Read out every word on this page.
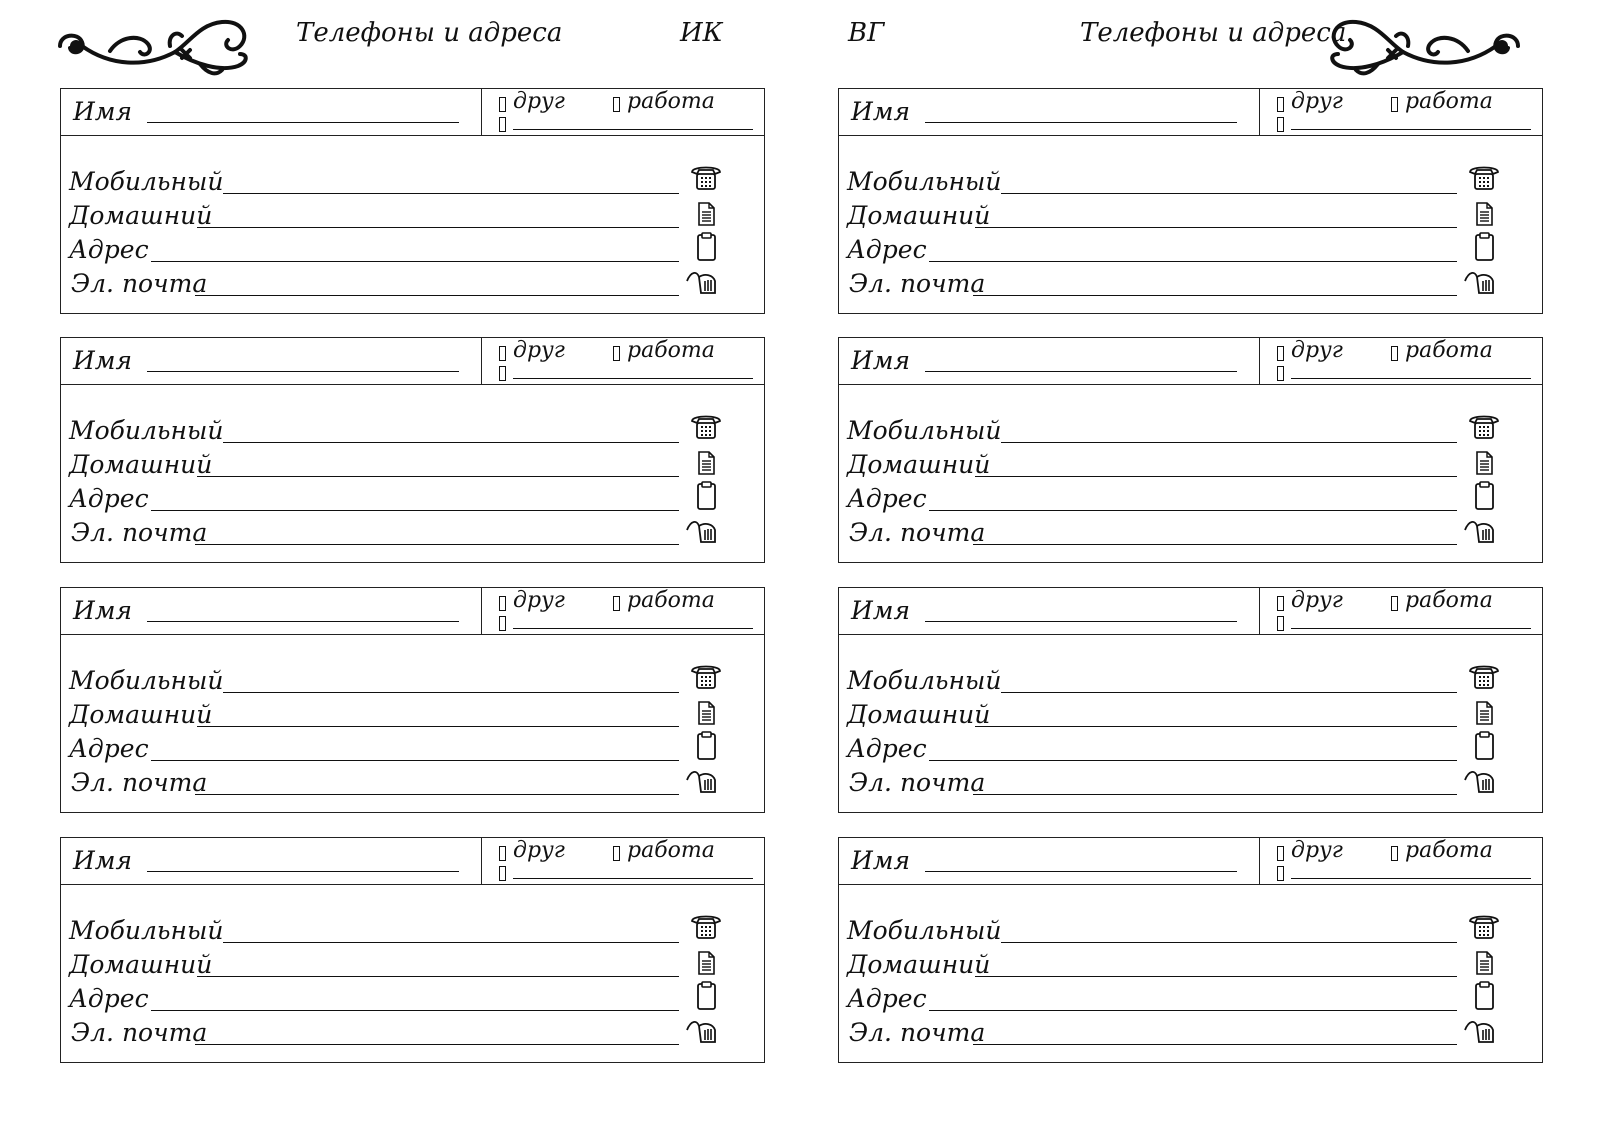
Телефоны и адреса	ИК	ВГ	Телефоны и адреса
Имя	друг	работа
Мобильный
Домашний
Адрес
Эл. почта
Имя	друг	работа
Мобильный
Домашний
Адрес
Эл. почта
Имя	друг	работа
Мобильный
Домашний
Адрес
Эл. почта
Имя	друг	работа
Мобильный
Домашний
Адрес
Эл. почта
Имя	друг	работа
Мобильный
Домашний
Адрес
Эл. почта
Имя	друг	работа
Мобильный
Домашний
Адрес
Эл. почта
Имя	друг	работа
Мобильный
Домашний
Адрес
Эл. почта
Имя	друг	работа
Мобильный
Домашний
Адрес
Эл. почта
